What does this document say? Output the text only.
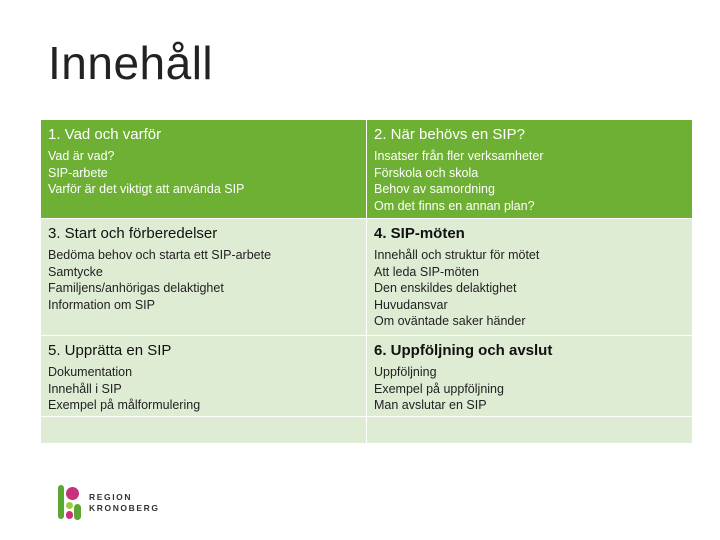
Innehåll
1. Vad och varför
Vad är vad?
SIP-arbete
Varför är det viktigt att använda SIP
2. När behövs en SIP?
Insatser från fler verksamheter
Förskola och skola
Behov av samordning
Om det finns en annan plan?
3. Start och förberedelser
Bedöma behov och starta ett SIP-arbete
Samtycke
Familjens/anhörigas delaktighet
Information om SIP
4. SIP-möten
Innehåll och struktur för mötet
Att leda SIP-möten
Den enskildes delaktighet
Huvudansvar
Om oväntade saker händer
5. Upprätta en SIP
Dokumentation
Innehåll i SIP
Exempel på målformulering
6. Uppföljning och avslut
Uppföljning
Exempel på uppföljning
Man avslutar en SIP
REGION
KRONOBERG
